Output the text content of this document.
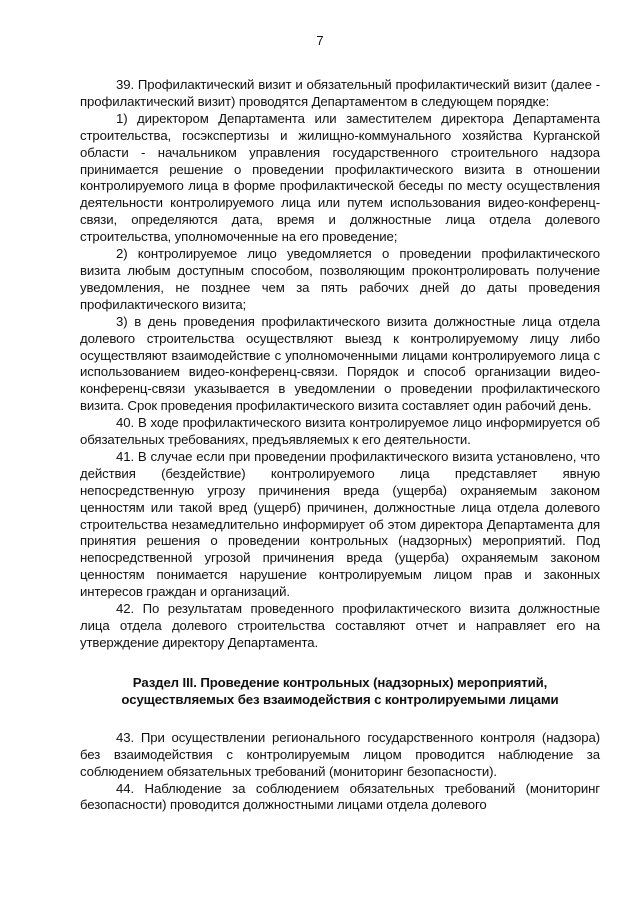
7

39. Профилактический визит и обязательный профилактический визит (далее - профилактический визит) проводятся Департаментом в следующем порядке:

1) директором Департамента или заместителем директора Департамента строительства, госэкспертизы и жилищно-коммунального хозяйства Курганской области - начальником управления государственного строительного надзора принимается решение о проведении профилактического визита в отношении контролируемого лица в форме профилактической беседы по месту осуществления деятельности контролируемого лица или путем использования видео-конференц-связи, определяются дата, время и должностные лица отдела долевого строительства, уполномоченные на его проведение;

2) контролируемое лицо уведомляется о проведении профилактического визита любым доступным способом, позволяющим проконтролировать получение уведомления, не позднее чем за пять рабочих дней до даты проведения профилактического визита;

3) в день проведения профилактического визита должностные лица отдела долевого строительства осуществляют выезд к контролируемому лицу либо осуществляют взаимодействие с уполномоченными лицами контролируемого лица с использованием видео-конференц-связи. Порядок и способ организации видео-конференц-связи указывается в уведомлении о проведении профилактического визита. Срок проведения профилактического визита составляет один рабочий день.

40. В ходе профилактического визита контролируемое лицо информируется об обязательных требованиях, предъявляемых к его деятельности.

41. В случае если при проведении профилактического визита установлено, что действия (бездействие) контролируемого лица представляет явную непосредственную угрозу причинения вреда (ущерба) охраняемым законом ценностям или такой вред (ущерб) причинен, должностные лица отдела долевого строительства незамедлительно информирует об этом директора Департамента для принятия решения о проведении контрольных (надзорных) мероприятий. Под непосредственной угрозой причинения вреда (ущерба) охраняемым законом ценностям понимается нарушение контролируемым лицом прав и законных интересов граждан и организаций.

42. По результатам проведенного профилактического визита должностные лица отдела долевого строительства составляют отчет и направляет его на утверждение директору Департамента.

Раздел III. Проведение контрольных (надзорных) мероприятий,
осуществляемых без взаимодействия с контролируемыми лицами

43. При осуществлении регионального государственного контроля (надзора) без взаимодействия с контролируемым лицом проводится наблюдение за соблюдением обязательных требований (мониторинг безопасности).

44. Наблюдение за соблюдением обязательных требований (мониторинг безопасности) проводится должностными лицами отдела долевого
